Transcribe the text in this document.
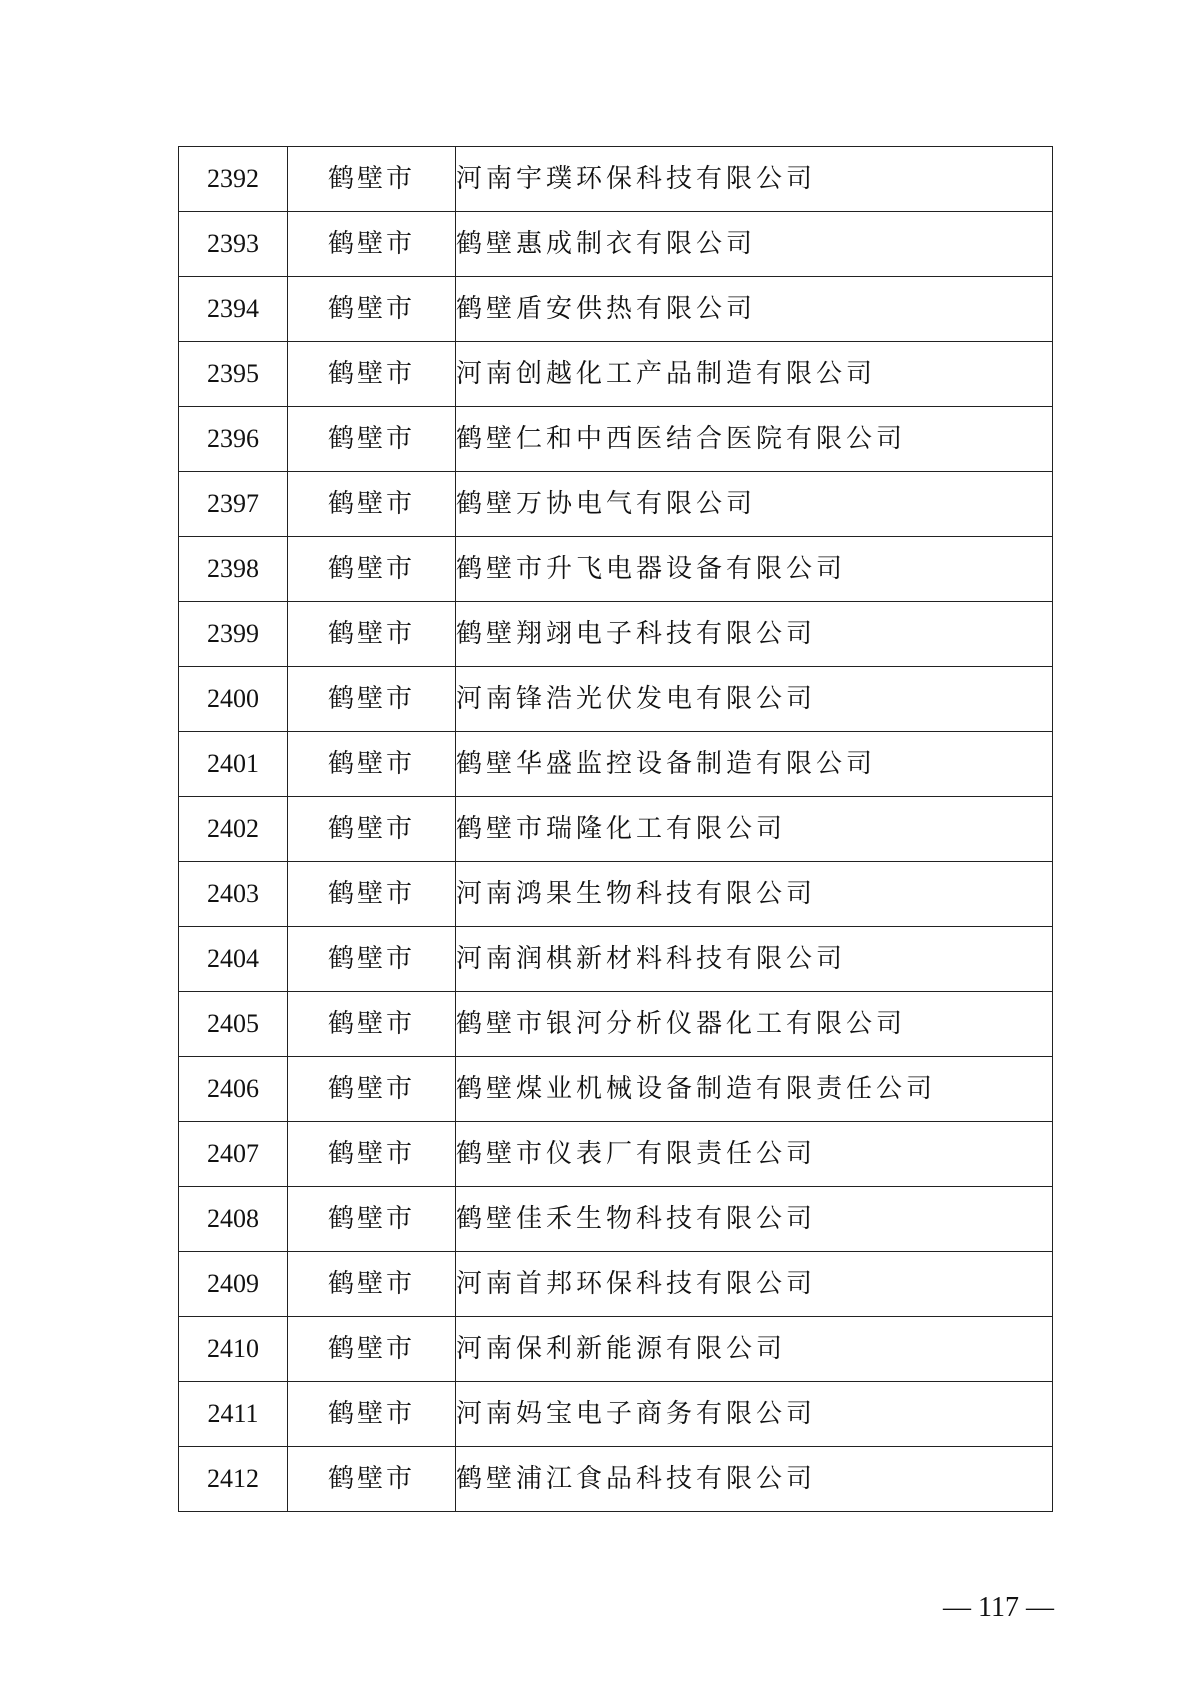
2392	鹤壁市	河南宇璞环保科技有限公司
2393	鹤壁市	鹤壁惠成制衣有限公司
2394	鹤壁市	鹤壁盾安供热有限公司
2395	鹤壁市	河南创越化工产品制造有限公司
2396	鹤壁市	鹤壁仁和中西医结合医院有限公司
2397	鹤壁市	鹤壁万协电气有限公司
2398	鹤壁市	鹤壁市升飞电器设备有限公司
2399	鹤壁市	鹤壁翔翊电子科技有限公司
2400	鹤壁市	河南锋浩光伏发电有限公司
2401	鹤壁市	鹤壁华盛监控设备制造有限公司
2402	鹤壁市	鹤壁市瑞隆化工有限公司
2403	鹤壁市	河南鸿果生物科技有限公司
2404	鹤壁市	河南润棋新材料科技有限公司
2405	鹤壁市	鹤壁市银河分析仪器化工有限公司
2406	鹤壁市	鹤壁煤业机械设备制造有限责任公司
2407	鹤壁市	鹤壁市仪表厂有限责任公司
2408	鹤壁市	鹤壁佳禾生物科技有限公司
2409	鹤壁市	河南首邦环保科技有限公司
2410	鹤壁市	河南保利新能源有限公司
2411	鹤壁市	河南妈宝电子商务有限公司
2412	鹤壁市	鹤壁浦江食品科技有限公司
— 117 —
